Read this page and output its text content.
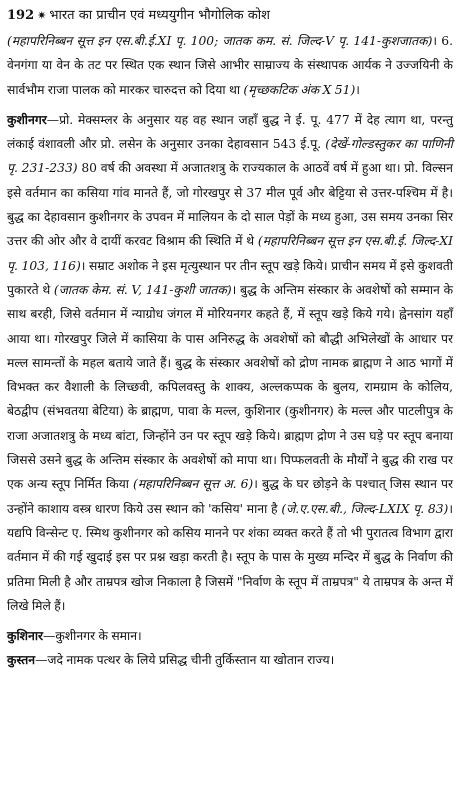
192 ✷ भारत का प्राचीन एवं मध्ययुगीन भौगोलिक कोश

(महापरिनिब्बन सूत्त इन एस.बी.ई.XI पृ. 100; जातक कम. सं. जिल्द-V पृ. 141-कुशजातक)। 6. वेनगंगा या वेन के तट पर स्थित एक स्थान जिसे आभीर साम्राज्य के संस्थापक आर्यक ने उज्जयिनी के सार्वभौम राजा पालक को मारकर चारुदत्त को दिया था (मृच्छकटिक अंक X 51)।

कुशीनगर—प्रो. मेक्सम्लर के अनुसार यह वह स्थान जहाँ बुद्ध ने ई. पू. 477 में देह त्याग था, परन्तु लंकाई वंशावली और प्रो. लसेन के अनुसार उनका देहावसान 543 ई.पू. (देखें-गोल्डस्तुकर का पाणिनी पृ. 231-233) 80 वर्ष की अवस्था में अजातशत्रु के राज्यकाल के आठवें वर्ष में हुआ था। प्रो. विल्सन इसे वर्तमान का कसिया गांव मानते हैं, जो गोरखपुर से 37 मील पूर्व और बेट्टिया से उत्तर-पश्चिम में है। बुद्ध का देहावसान कुशीनगर के उपवन में मालियन के दो साल पेड़ों के मध्य हुआ, उस समय उनका सिर उत्तर की ओर और वे दायीं करवट विश्राम की स्थिति में थे (महापरिनिब्बन सूत्त इन एस.बी.ई. जिल्द-XI पृ. 103, 116)। सम्राट अशोक ने इस मृत्युस्थान पर तीन स्तूप खड़े किये। प्राचीन समय में इसे कुशवती पुकारते थे (जातक केम. सं. V, 141-कुशी जातक)। बुद्ध के अन्तिम संस्कार के अवशेषों को सम्मान के साथ बरही, जिसे वर्तमान में न्याग्रोध जंगल में मोरियनगर कहते हैं, में स्तूप खड़े किये गये। ह्वेनसांग यहाँ आया था। गोरखपुर जिले में कासिया के पास अनिरुद्ध के अवशेषों को बौद्धी अभिलेखों के आधार पर मल्ल सामन्तों के महल बताये जाते हैं। बुद्ध के संस्कार अवशेषों को द्रोण नामक ब्राह्मण ने आठ भागों में विभक्त कर वैशाली के लिच्छवी, कपिलवस्तु के शाक्य, अल्लकप्पक के बुलय, रामग्राम के कोलिय, बेठद्वीप (संभवतया बेटिया) के ब्राह्मण, पावा के मल्ल, कुशिनार (कुशीनगर) के मल्ल और पाटलीपुत्र के राजा अजातशत्रु के मध्य बांटा, जिन्होंने उन पर स्तूप खड़े किये। ब्राह्मण द्रोण ने उस घड़े पर स्तूप बनाया जिससे उसने बुद्ध के अन्तिम संस्कार के अवशेषों को मापा था। पिप्फलवती के मौर्यों ने बुद्ध की राख पर एक अन्य स्तूप निर्मित किया (महापरिनिब्बन सूत्त अ. 6)। बुद्ध के घर छोड़ने के पश्चात् जिस स्थान पर उन्होंने काशाय वस्त्र धारण किये उस स्थान को 'कसिय' माना है (जे.ए.एस.बी., जिल्द-LXIX पृ. 83)। यद्यपि विन्सेन्ट ए. स्मिथ कुशीनगर को कसिय मानने पर शंका व्यक्त करते हैं तो भी पुरातत्व विभाग द्वारा वर्तमान में की गई खुदाई इस पर प्रश्न खड़ा करती है। स्तूप के पास के मुख्य मन्दिर में बुद्ध के निर्वाण की प्रतिमा मिली है और ताम्रपत्र खोज निकाला है जिसमें "निर्वाण के स्तूप में ताम्रपत्र" ये ताम्रपत्र के अन्त में लिखे मिले हैं।

कुशिनार—कुशीनगर के समान।

कुस्तन—जदे नामक पत्थर के लिये प्रसिद्ध चीनी तुर्किस्तान या खोतान राज्य।
